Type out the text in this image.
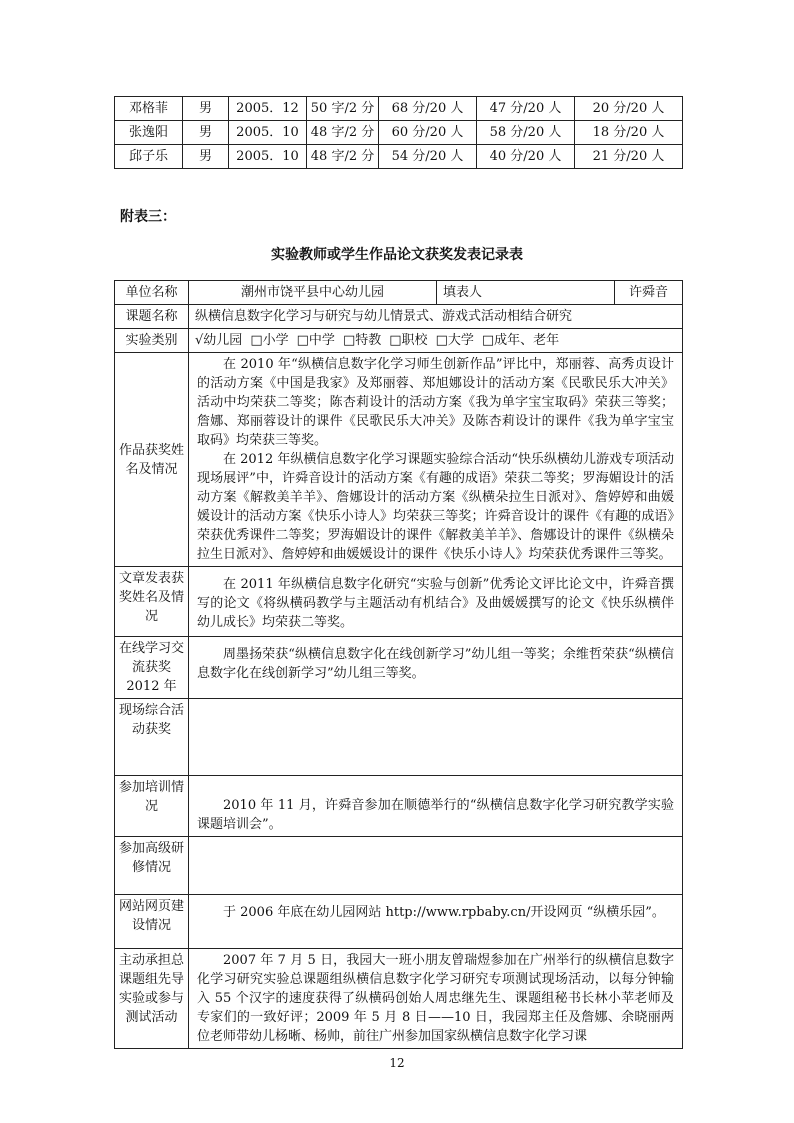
邓格菲	男	2005．12	50 字/2 分	68 分/20 人	47 分/20 人	20 分/20 人
张逸阳	男	2005．10	48 字/2 分	60 分/20 人	58 分/20 人	18 分/20 人
邱子乐	男	2005．10	48 字/2 分	54 分/20 人	40 分/20 人	21 分/20 人
附表三：
实验教师或学生作品论文获奖发表记录表
单位名称	潮州市饶平县中心幼儿园	填表人	许舜音
课题名称	纵横信息数字化学习与研究与幼儿情景式、游戏式活动相结合研究		
实验类别	√幼儿园 □小学 □中学 □特教 □职校 □大学 □成年、老年		
作品获奖姓名及情况	在 2010 年“纵横信息数字化学习师生创新作品”评比中，郑丽蓉、高秀贞设计的活动方案《中国是我家》及郑丽蓉、郑旭娜设计的活动方案《民歌民乐大冲关》活动中均荣获二等奖；陈杏莉设计的活动方案《我为单字宝宝取码》荣获三等奖；詹娜、郑丽蓉设计的课件《民歌民乐大冲关》及陈杏莉设计的课件《我为单字宝宝取码》均荣获三等奖。

在 2012 年纵横信息数字化学习课题实验综合活动“快乐纵横幼儿游戏专项活动现场展评”中，许舜音设计的活动方案《有趣的成语》荣获二等奖；罗海媚设计的活动方案《解救美羊羊》、詹娜设计的活动方案《纵横朵拉生日派对》、詹婷婷和曲媛媛设计的活动方案《快乐小诗人》均荣获三等奖；许舜音设计的课件《有趣的成语》荣获优秀课件二等奖；罗海媚设计的课件《解救美羊羊》、詹娜设计的课件《纵横朵拉生日派对》、詹婷婷和曲媛媛设计的课件《快乐小诗人》均荣获优秀课件三等奖。		

文章发表获奖姓名及情况	在 2011 年纵横信息数字化研究“实验与创新”优秀论文评比论文中，许舜音撰写的论文《将纵横码教学与主题活动有机结合》及曲媛媛撰写的论文《快乐纵横伴幼儿成长》均荣获二等奖。		

在线学习交流获奖 2012 年	周墨扬荣获“纵横信息数字化在线创新学习”幼儿组一等奖；余维哲荣获“纵横信息数字化在线创新学习”幼儿组三等奖。		

现场综合活动获奖			

参加培训情况	2010 年 11 月，许舜音参加在顺德举行的“纵横信息数字化学习研究教学实验课题培训会”。		

参加高级研修情况			

网站网页建设情况	于 2006 年底在幼儿园网站 http://www.rpbaby.cn/开设网页 “纵横乐园”。		

主动承担总课题组先导实验或参与测试活动	2007 年 7 月 5 日，我园大一班小朋友曾瑞煜参加在广州举行的纵横信息数字化学习研究实验总课题组纵横信息数字化学习研究专项测试现场活动，以每分钟输入 55 个汉字的速度获得了纵横码创始人周忠继先生、课题组秘书长林小苹老师及专家们的一致好评；2009 年 5 月 8 日——10 日，我园郑主任及詹娜、余晓丽两位老师带幼儿杨晰、杨帅，前往广州参加国家纵横信息数字化学习课		

12
